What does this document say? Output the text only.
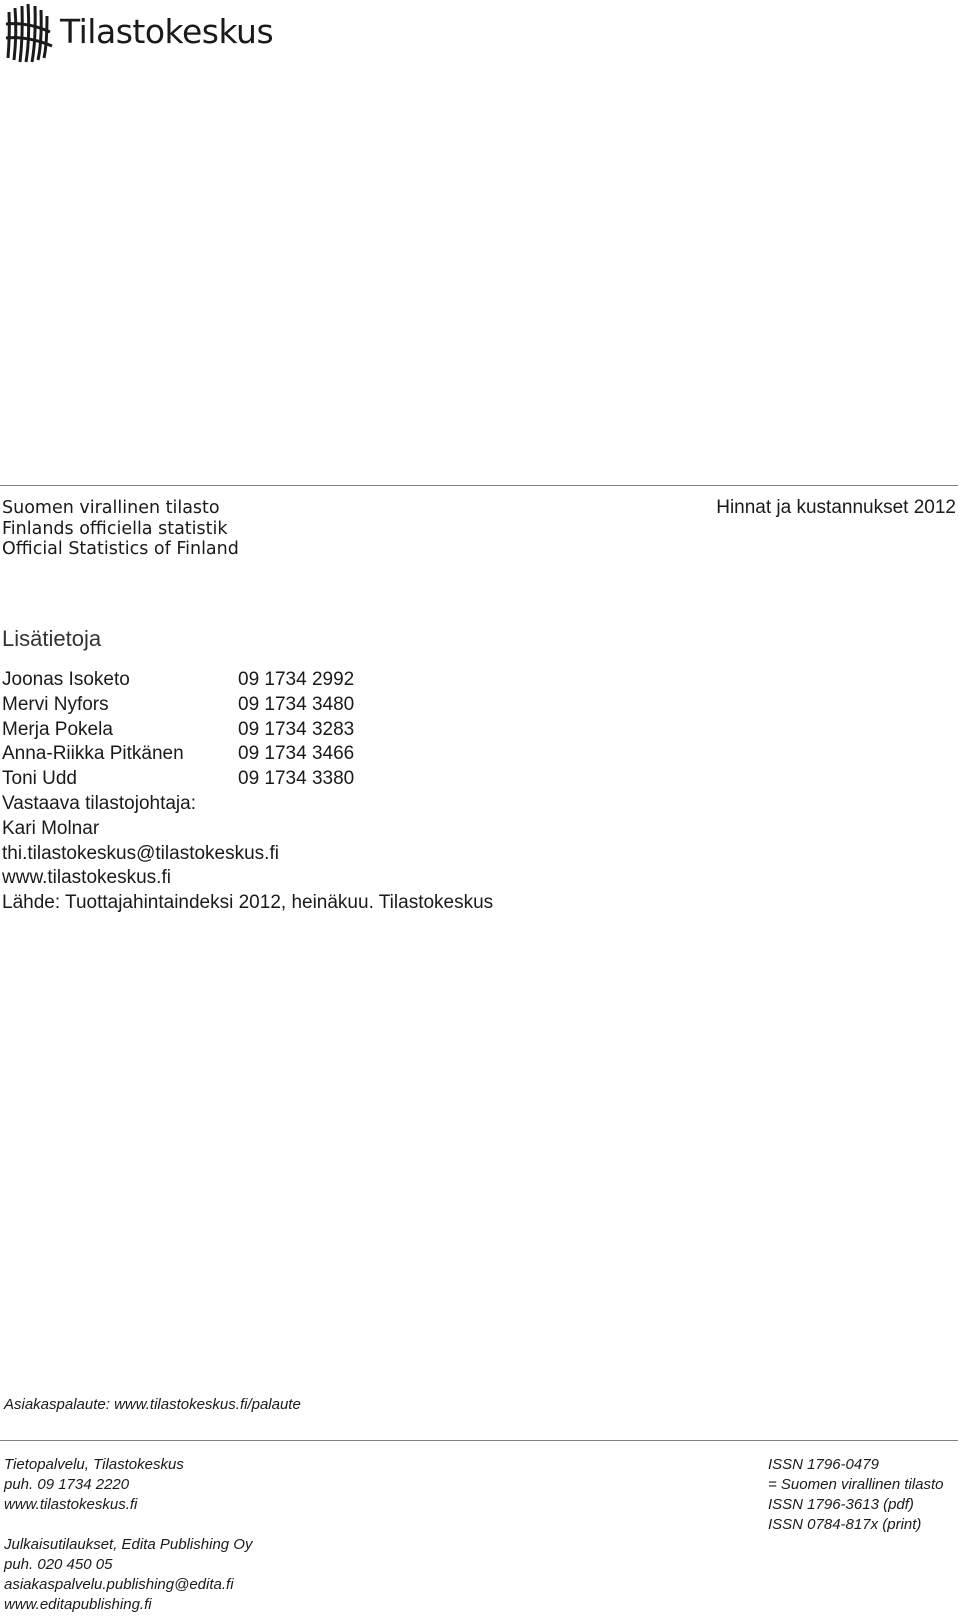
Tilastokeskus
Suomen virallinen tilasto
Finlands officiella statistik
Official Statistics of Finland
Hinnat ja kustannukset 2012
Lisätietoja
Joonas Isoketo	09 1734 2992
Mervi Nyfors	09 1734 3480
Merja Pokela	09 1734 3283
Anna-Riikka Pitkänen	09 1734 3466
Toni Udd	09 1734 3380
Vastaava tilastojohtaja:
Kari Molnar
thi.tilastokeskus@tilastokeskus.fi
www.tilastokeskus.fi
Lähde: Tuottajahintaindeksi 2012, heinäkuu. Tilastokeskus
Asiakaspalaute: www.tilastokeskus.fi/palaute
Tietopalvelu, Tilastokeskus
puh. 09 1734 2220
www.tilastokeskus.fi
Julkaisutilaukset, Edita Publishing Oy
puh. 020 450 05
asiakaspalvelu.publishing@edita.fi
www.editapublishing.fi
ISSN 1796-0479
= Suomen virallinen tilasto
ISSN 1796-3613 (pdf)
ISSN 0784-817x (print)
